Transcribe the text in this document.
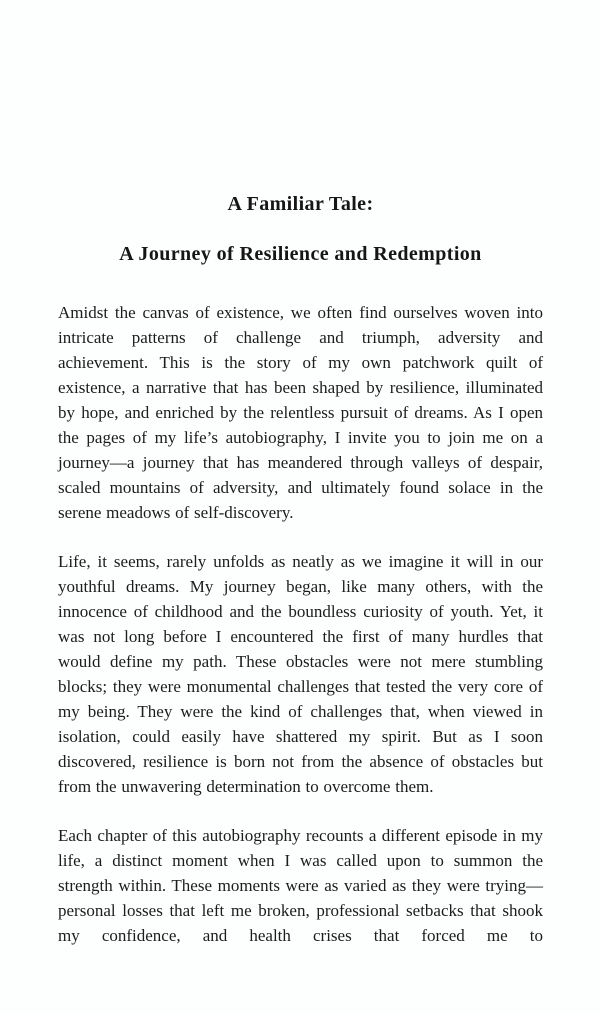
A Familiar Tale:
A Journey of Resilience and Redemption

Amidst the canvas of existence, we often find ourselves woven into intricate patterns of challenge and triumph, adversity and achievement. This is the story of my own patchwork quilt of existence, a narrative that has been shaped by resilience, illuminated by hope, and enriched by the relentless pursuit of dreams. As I open the pages of my life’s autobiography, I invite you to join me on a journey—a journey that has meandered through valleys of despair, scaled mountains of adversity, and ultimately found solace in the serene meadows of self-discovery.

Life, it seems, rarely unfolds as neatly as we imagine it will in our youthful dreams. My journey began, like many others, with the innocence of childhood and the boundless curiosity of youth. Yet, it was not long before I encountered the first of many hurdles that would define my path. These obstacles were not mere stumbling blocks; they were monumental challenges that tested the very core of my being. They were the kind of challenges that, when viewed in isolation, could easily have shattered my spirit. But as I soon discovered, resilience is born not from the absence of obstacles but from the unwavering determination to overcome them.

Each chapter of this autobiography recounts a different episode in my life, a distinct moment when I was called upon to summon the strength within. These moments were as varied as they were trying—personal losses that left me broken, professional setbacks that shook my confidence, and health crises that forced me to
